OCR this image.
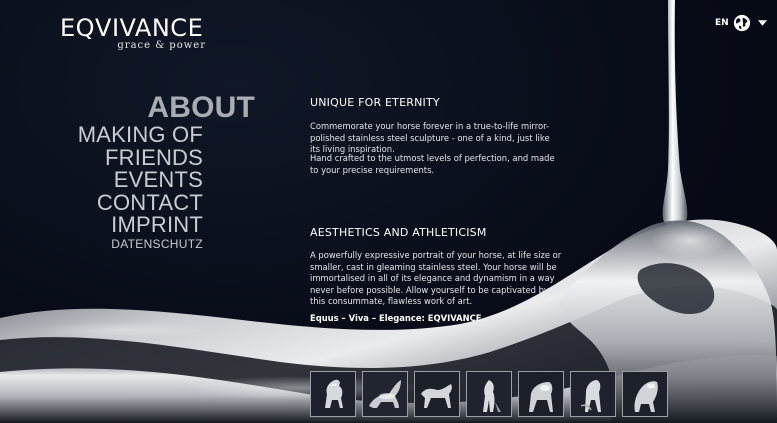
EQVIVANCE
grace & power
EN
ABOUT
MAKING OF
FRIENDS
EVENTS
CONTACT
IMPRINT
DATENSCHUTZ
UNIQUE FOR ETERNITY

Commemorate your horse forever in a true-to-life mirror-polished stainless steel sculpture - one of a kind, just like its living inspiration.

Hand crafted to the utmost levels of perfection, and made to your precise requirements.

AESTHETICS AND ATHLETICISM

A powerfully expressive portrait of your horse, at life size or smaller, cast in gleaming stainless steel. Your horse will be immortalised in all of its elegance and dynamism in a way never before possible. Allow yourself to be captivated by this consummate, flawless work of art.

Equus – Viva – Elegance: EQVIVANCE
